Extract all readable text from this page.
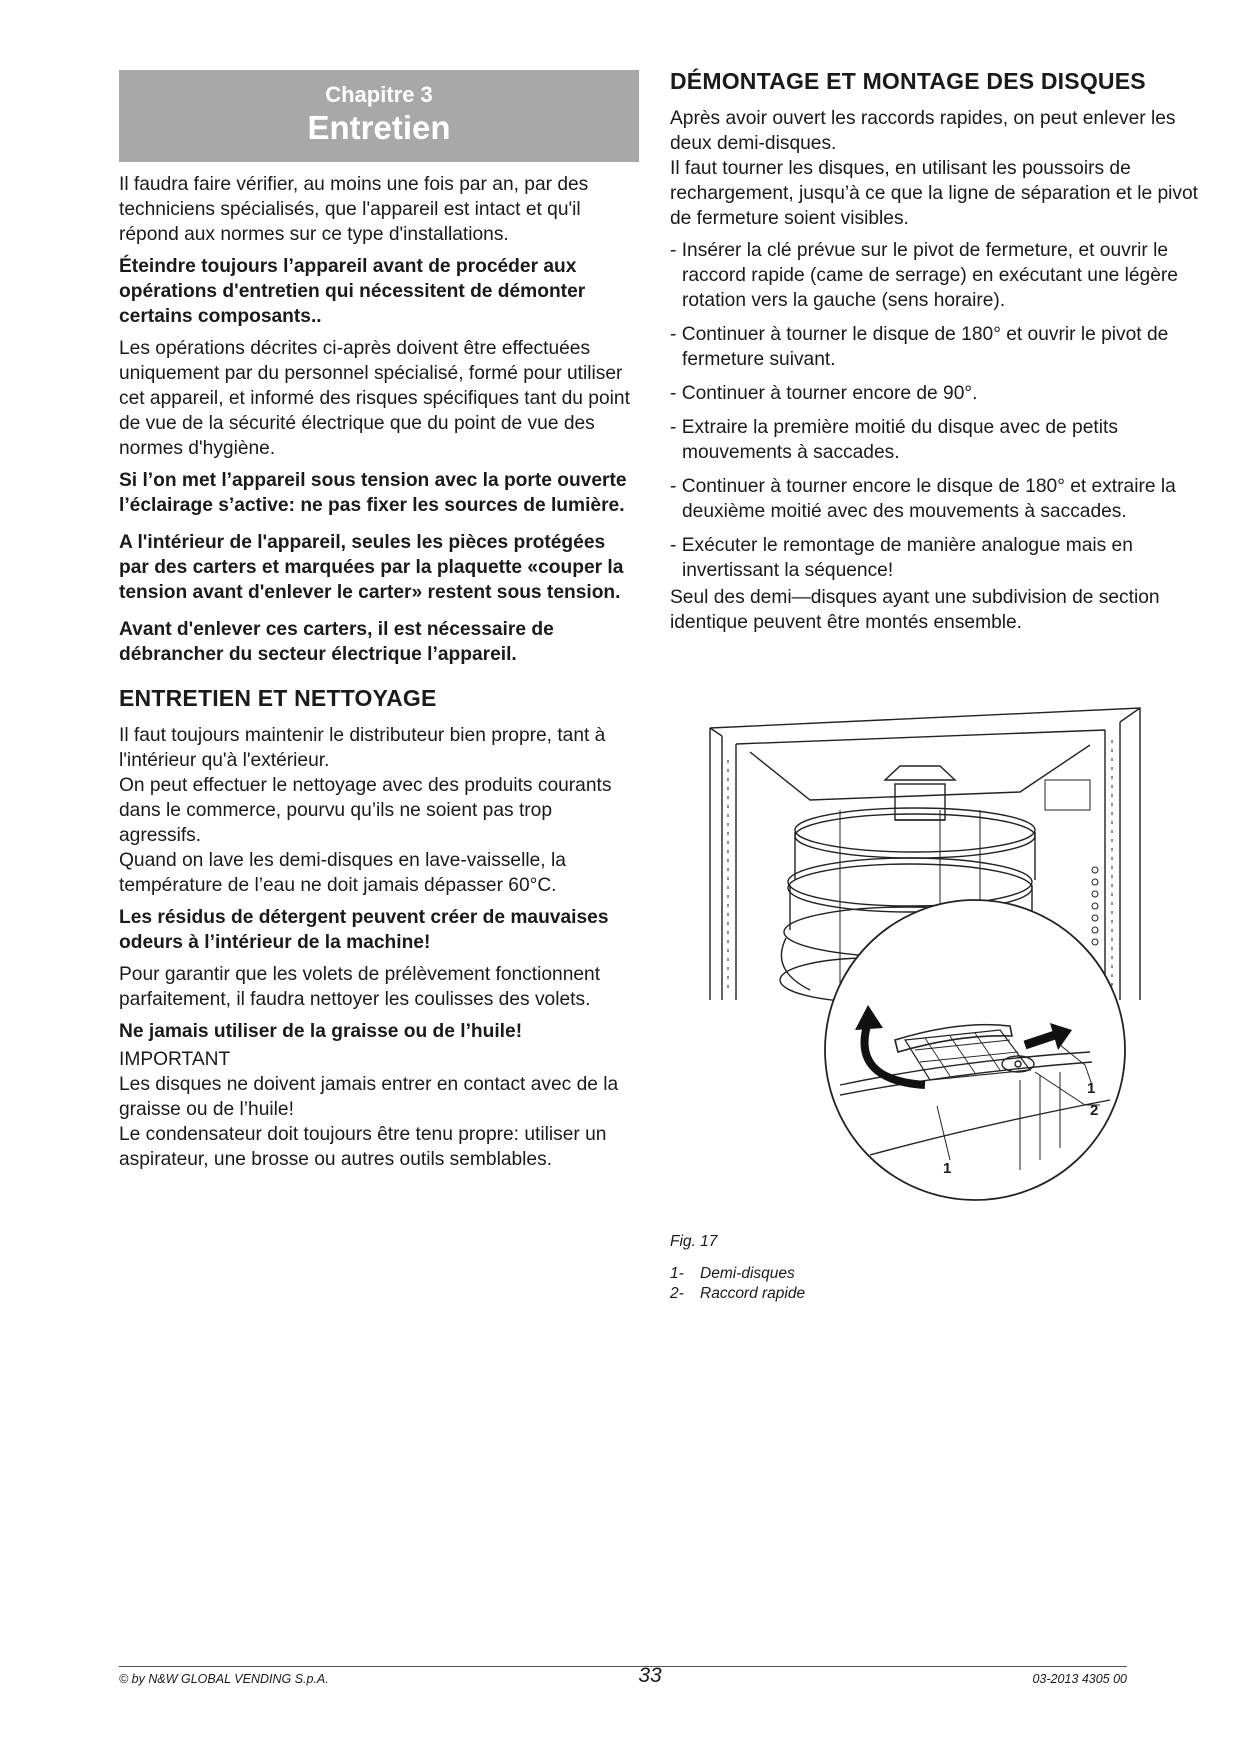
Chapitre 3
Entretien

Il faudra faire vérifier, au moins une fois par an, par des techniciens spécialisés, que l'appareil est intact et qu'il répond aux normes sur ce type d'installations.

Éteindre toujours l’appareil avant de procéder aux opérations d'entretien qui nécessitent de démonter certains composants..

Les opérations décrites ci-après doivent être effectuées uniquement par du personnel spécialisé, formé pour utiliser cet appareil, et informé des risques spécifiques tant du point de vue de la sécurité électrique que du point de vue des normes d'hygiène.

Si l’on met l’appareil sous tension avec la porte ouverte l’éclairage s’active: ne pas fixer les sources de lumière.

A l'intérieur de l'appareil, seules les pièces protégées par des carters et marquées par la plaquette «couper la tension avant d'enlever le carter» restent sous tension.

Avant d'enlever ces carters, il est nécessaire de débrancher du secteur électrique l’appareil.

ENTRETIEN ET NETTOYAGE

Il faut toujours maintenir le distributeur bien propre, tant à l'intérieur qu'à l'extérieur.

On peut effectuer le nettoyage avec des produits courants dans le commerce, pourvu qu’ils ne soient pas trop agressifs.

Quand on lave les demi-disques en lave-vaisselle, la température de l’eau ne doit jamais dépasser 60°C.

Les résidus de détergent peuvent créer de mauvaises odeurs à l’intérieur de la machine!

Pour garantir que les volets de prélèvement fonctionnent parfaitement, il faudra nettoyer les coulisses des volets.

Ne jamais utiliser de la graisse ou de l’huile!

IMPORTANT

Les disques ne doivent jamais entrer en contact avec de la graisse ou de l’huile!

Le condensateur doit toujours être tenu propre: utiliser un aspirateur, une brosse ou autres outils semblables.

DÉMONTAGE ET MONTAGE DES DISQUES

Après avoir ouvert les raccords rapides, on peut enlever les deux demi-disques.

Il faut tourner les disques, en utilisant les poussoirs de rechargement, jusqu’à ce que la ligne de séparation et le pivot de fermeture soient visibles.

- Insérer la clé prévue sur le pivot de fermeture, et ouvrir le raccord rapide (came de serrage) en exécutant une légère rotation vers la gauche (sens horaire).

- Continuer à tourner le disque de 180° et ouvrir le pivot de fermeture suivant.

- Continuer à tourner encore de 90°.

- Extraire la première moitié du disque avec de petits mouvements à saccades.

- Continuer à tourner encore le disque de 180° et extraire la deuxième moitié avec des mouvements à saccades.

- Exécuter le remontage de manière analogue mais en invertissant la séquence!

Seul des demi—disques ayant une subdivision de section identique peuvent être montés ensemble.

1
2
1
Fig. 17
1- Demi-disques
2- Raccord rapide
© by N&W GLOBAL VENDING S.p.A.	33	03-2013 4305 00
